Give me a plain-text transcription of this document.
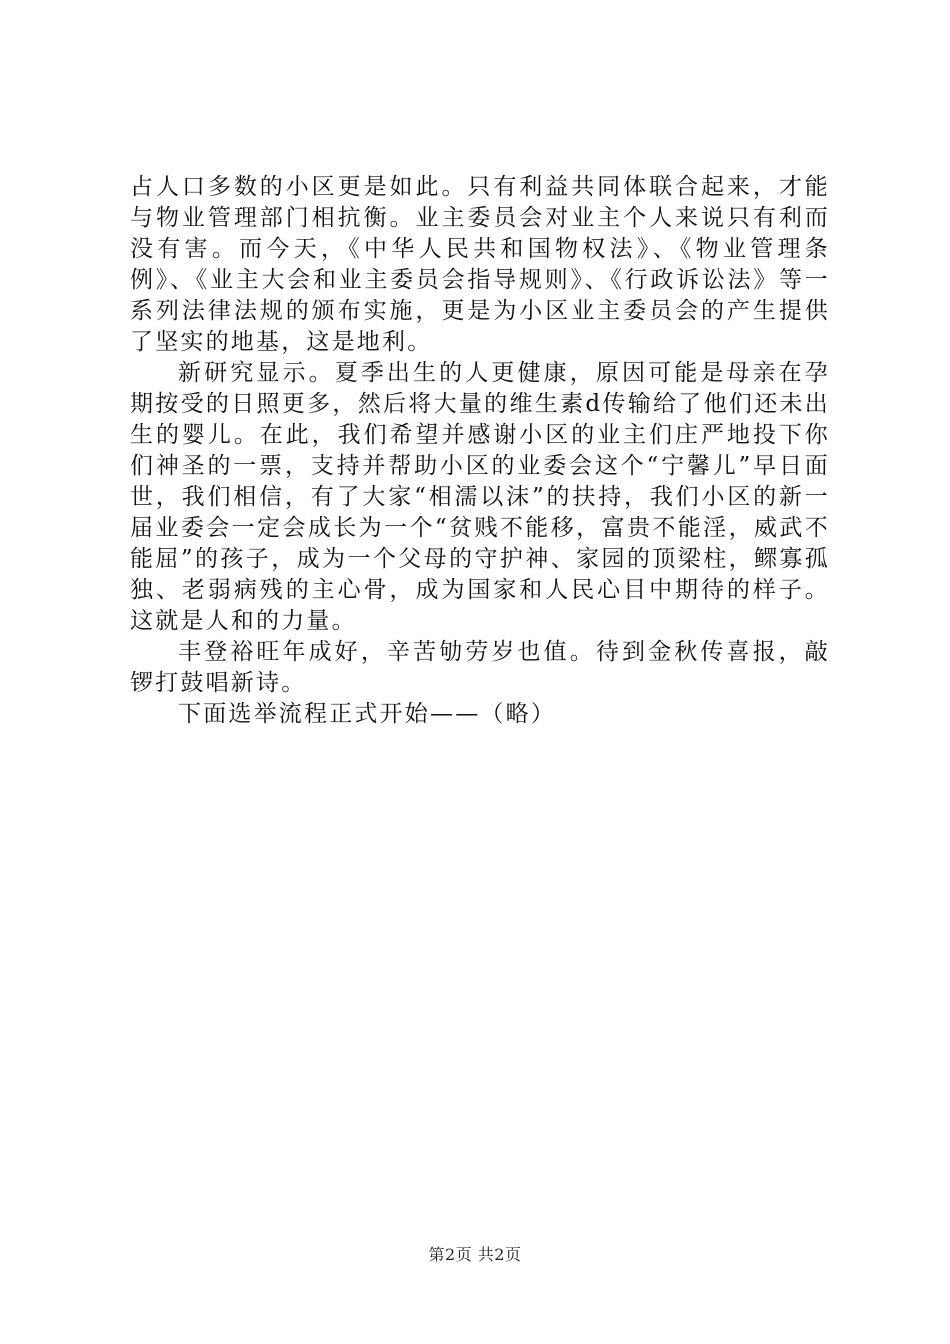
占人口多数的小区更是如此。只有利益共同体联合起来，才能与物业管理部门相抗衡。业主委员会对业主个人来说只有利而没有害。而今天，《中华人民共和国物权法》、《物业管理条例》、《业主大会和业主委员会指导规则》、《行政诉讼法》等一系列法律法规的颁布实施，更是为小区业主委员会的产生提供了坚实的地基，这是地利。

新研究显示。夏季出生的人更健康，原因可能是母亲在孕期按受的日照更多，然后将大量的维生素d传输给了他们还未出生的婴儿。在此，我们希望并感谢小区的业主们庄严地投下你们神圣的一票，支持并帮助小区的业委会这个“宁馨儿”早日面世，我们相信，有了大家“相濡以沫”的扶持，我们小区的新一届业委会一定会成长为一个“贫贱不能移，富贵不能淫，威武不能屈”的孩子，成为一个父母的守护神、家园的顶梁柱，鳏寡孤独、老弱病残的主心骨，成为国家和人民心目中期待的样子。这就是人和的力量。

丰登裕旺年成好，辛苦劬劳岁也值。待到金秋传喜报，敲锣打鼓唱新诗。

下面选举流程正式开始——（略）

第2页 共2页
